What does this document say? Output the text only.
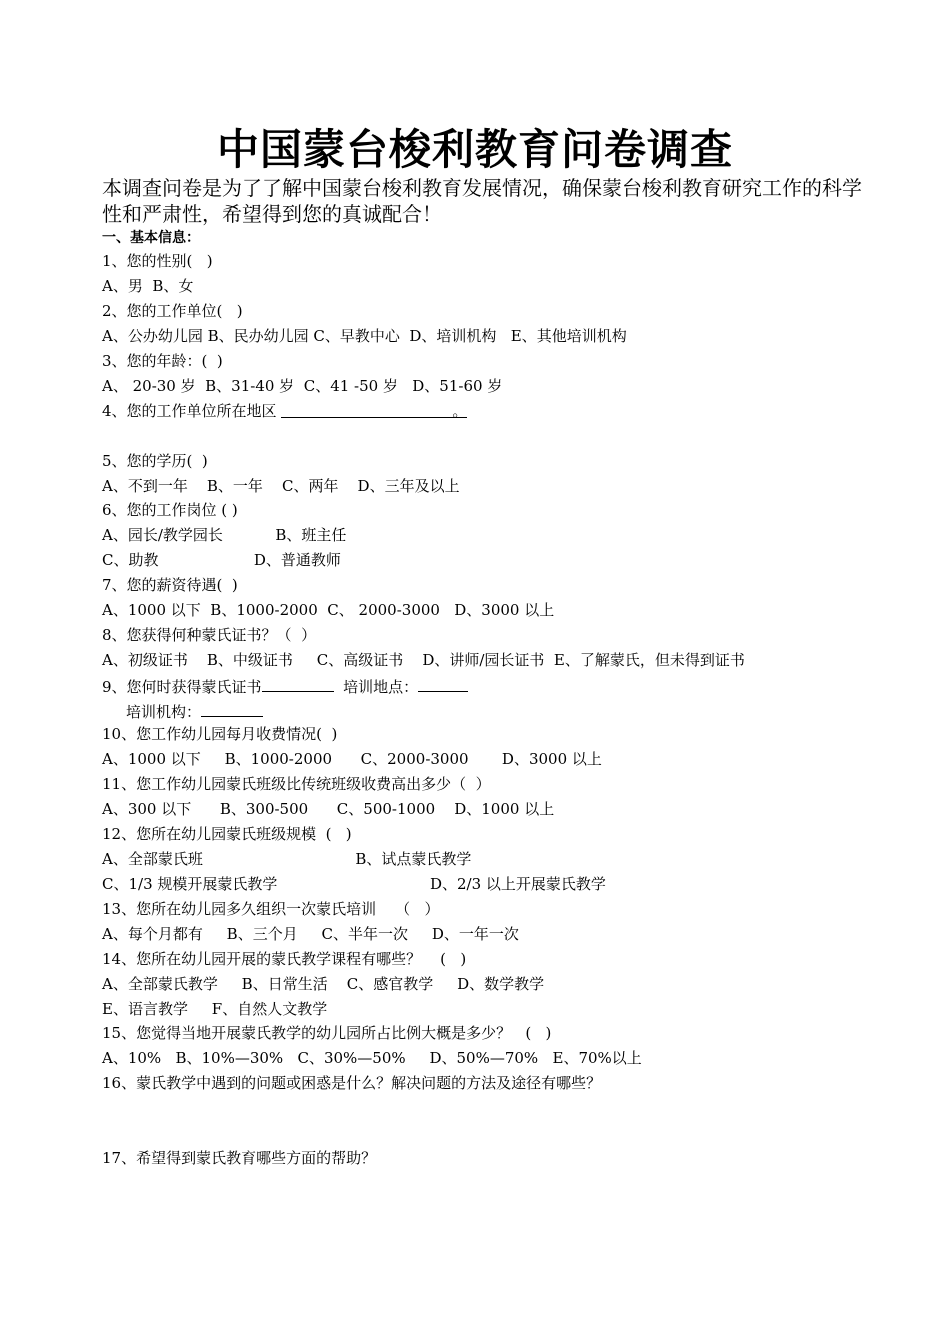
中国蒙台梭利教育问卷调查
本调查问卷是为了了解中国蒙台梭利教育发展情况，确保蒙台梭利教育研究工作的科学性和严肃性，希望得到您的真诚配合！
一、基本信息：
1、您的性别(   )
A、男  B、女
2、您的工作单位(   )
A、公办幼儿园 B、民办幼儿园 C、早教中心  D、培训机构   E、其他培训机构
3、您的年龄：(  )
A、 20-30 岁  B、31-40 岁  C、41 -50 岁   D、51-60 岁
4、您的工作单位所在地区	。
5、您的学历(  )
A、不到一年    B、一年    C、两年    D、三年及以上
6、您的工作岗位 ( )
A、园长/教学园长           B、班主任
C、助教                    D、普通教师
7、您的薪资待遇(  )
A、1000 以下  B、1000-2000  C、 2000-3000   D、3000 以上
8、您获得何种蒙氏证书？（  ）
A、初级证书    B、中级证书     C、高级证书    D、讲师/园长证书  E、了解蒙氏，但未得到证书
9、您何时获得蒙氏证书	培训地点：
培训机构：
10、您工作幼儿园每月收费情况(  )
A、1000 以下     B、1000-2000      C、2000-3000       D、3000 以上
11、您工作幼儿园蒙氏班级比传统班级收费高出多少（  ）
A、300 以下      B、300-500      C、500-1000    D、1000 以上
12、您所在幼儿园蒙氏班级规模  (   )
A、全部蒙氏班                                B、试点蒙氏教学
C、1/3 规模开展蒙氏教学                                D、2/3 以上开展蒙氏教学
13、您所在幼儿园多久组织一次蒙氏培训    （   ）
A、每个月都有     B、三个月     C、半年一次     D、一年一次
14、您所在幼儿园开展的蒙氏教学课程有哪些？    (   )
A、全部蒙氏教学     B、日常生活    C、感官教学     D、数学教学
E、语言教学     F、自然人文教学
15、您觉得当地开展蒙氏教学的幼儿园所占比例大概是多少？   (   )
A、10%   B、10%—30%   C、30%—50%     D、50%—70%   E、70%以上
16、蒙氏教学中遇到的问题或困惑是什么？解决问题的方法及途径有哪些？
17、希望得到蒙氏教育哪些方面的帮助？
